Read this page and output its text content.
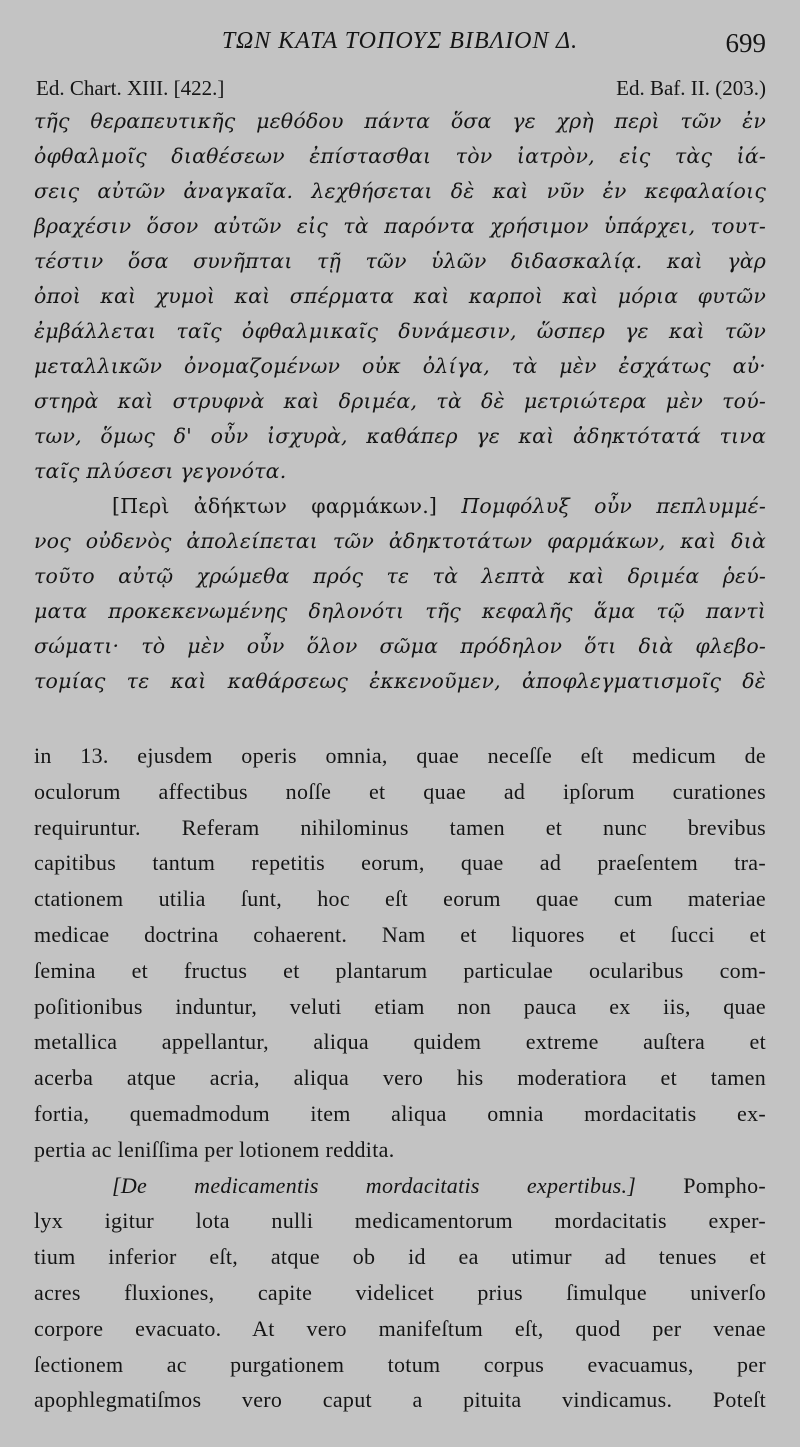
ΤΩΝ ΚΑΤΑ ΤΟΠΟΥΣ ΒΙΒΛΙΟΝ Δ.	699
Ed. Chart. XIII. [422.]	Ed. Baf. II. (203.)
τῆς θεραπευτικῆς μεθόδου πάντα ὅσα γε χρὴ περὶ τῶν ἐν
ὀφθαλμοῖς διαθέσεων ἐπίστασθαι τὸν ἰατρὸν, εἰς τὰς ἰά-
σεις αὐτῶν ἀναγκαῖα. λεχθήσεται δὲ καὶ νῦν ἐν κεφαλαίοις
βραχέσιν ὅσον αὐτῶν εἰς τὰ παρόντα χρήσιμον ὑπάρχει, τουτ-
τέστιν ὅσα συνῆπται τῇ τῶν ὑλῶν διδασκαλίᾳ. καὶ γὰρ
ὀποὶ καὶ χυμοὶ καὶ σπέρματα καὶ καρποὶ καὶ μόρια φυτῶν
ἐμβάλλεται ταῖς ὀφθαλμικαῖς δυνάμεσιν, ὥσπερ γε καὶ τῶν
μεταλλικῶν ὀνομαζομένων οὐκ ὀλίγα, τὰ μὲν ἐσχάτως αὐ·
στηρὰ καὶ στρυφνὰ καὶ δριμέα, τὰ δὲ μετριώτερα μὲν τού-
των, ὅμως δ' οὖν ἰσχυρὰ, καθάπερ γε καὶ ἀδηκτότατά τινα
ταῖς πλύσεσι γεγονότα.
[Περὶ ἀδήκτων φαρμάκων.] Πομφόλυξ οὖν πεπλυμμέ-
νος οὐδενὸς ἀπολείπεται τῶν ἀδηκτοτάτων φαρμάκων, καὶ διὰ
τοῦτο αὐτῷ χρώμεθα πρός τε τὰ λεπτὰ καὶ δριμέα ῥεύ-
ματα προκεκενωμένης δηλονότι τῆς κεφαλῆς ἅμα τῷ παντὶ
σώματι· τὸ μὲν οὖν ὅλον σῶμα πρόδηλον ὅτι διὰ φλεβο-
τομίας τε καὶ καθάρσεως ἐκκενοῦμεν, ἀποφλεγματισμοῖς δὲ
in 13. ejusdem operis omnia, quae neceſſe eſt medicum de
oculorum affectibus noſſe et quae ad ipſorum curationes
requiruntur. Referam nihilominus tamen et nunc brevibus
capitibus tantum repetitis eorum, quae ad praeſentem tra-
ctationem utilia ſunt, hoc eſt eorum quae cum materiae
medicae doctrina cohaerent. Nam et liquores et ſucci et
ſemina et fructus et plantarum particulae ocularibus com-
poſitionibus induntur, veluti etiam non pauca ex iis, quae
metallica appellantur, aliqua quidem extreme auſtera et
acerba atque acria, aliqua vero his moderatiora et tamen
fortia, quemadmodum item aliqua omnia mordacitatis ex-
pertia ac leniſſima per lotionem reddita.
[De medicamentis mordacitatis expertibus.] Pompho-
lyx igitur lota nulli medicamentorum mordacitatis exper-
tium inferior eſt, atque ob id ea utimur ad tenues et
acres fluxiones, capite videlicet prius ſimulque univerſo
corpore evacuato. At vero manifeſtum eſt, quod per venae
ſectionem ac purgationem totum corpus evacuamus, per
apophlegmatiſmos vero caput a pituita vindicamus. Poteſt
